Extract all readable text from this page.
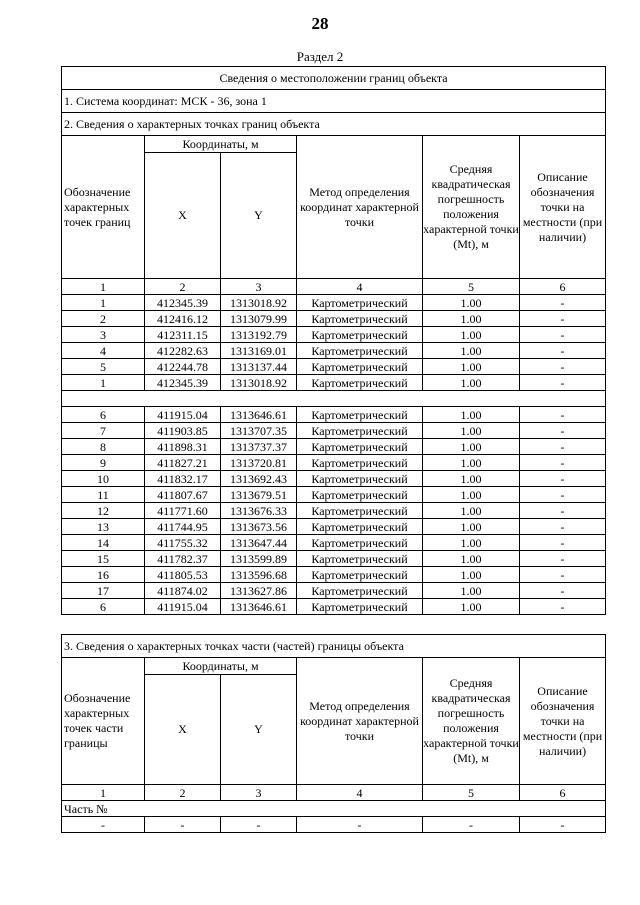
28
Раздел 2
Сведения о местоположении границ объекта					
1. Система координат: МСК - 36, зона 1					
2. Сведения о характерных точках границ объекта					
Обозначение характерных точек границ	Координаты, м		Метод определения координат характерной точки	Средняя квадратическая погрешность положения характерной точки (Mt), м	Описание обозначения точки на местности (при наличии)
	X	Y			
1	2	3	4	5	6
1	412345.39	1313018.92	Картометрический	1.00	-
2	412416.12	1313079.99	Картометрический	1.00	-
3	412311.15	1313192.79	Картометрический	1.00	-
4	412282.63	1313169.01	Картометрический	1.00	-
5	412244.78	1313137.44	Картометрический	1.00	-
1	412345.39	1313018.92	Картометрический	1.00	-

6	411915.04	1313646.61	Картометрический	1.00	-
7	411903.85	1313707.35	Картометрический	1.00	-
8	411898.31	1313737.37	Картометрический	1.00	-
9	411827.21	1313720.81	Картометрический	1.00	-
10	411832.17	1313692.43	Картометрический	1.00	-
11	411807.67	1313679.51	Картометрический	1.00	-
12	411771.60	1313676.33	Картометрический	1.00	-
13	411744.95	1313673.56	Картометрический	1.00	-
14	411755.32	1313647.44	Картометрический	1.00	-
15	411782.37	1313599.89	Картометрический	1.00	-
16	411805.53	1313596.68	Картометрический	1.00	-
17	411874.02	1313627.86	Картометрический	1.00	-
6	411915.04	1313646.61	Картометрический	1.00	-
3. Сведения о характерных точках части (частей) границы объекта					
Обозначение характерных точек части границы	Координаты, м		Метод определения координат характерной точки	Средняя квадратическая погрешность положения характерной точки (Mt), м	Описание обозначения точки на местности (при наличии)
	X	Y			
1	2	3	4	5	6
Часть №					
-	-	-	-	-	-
